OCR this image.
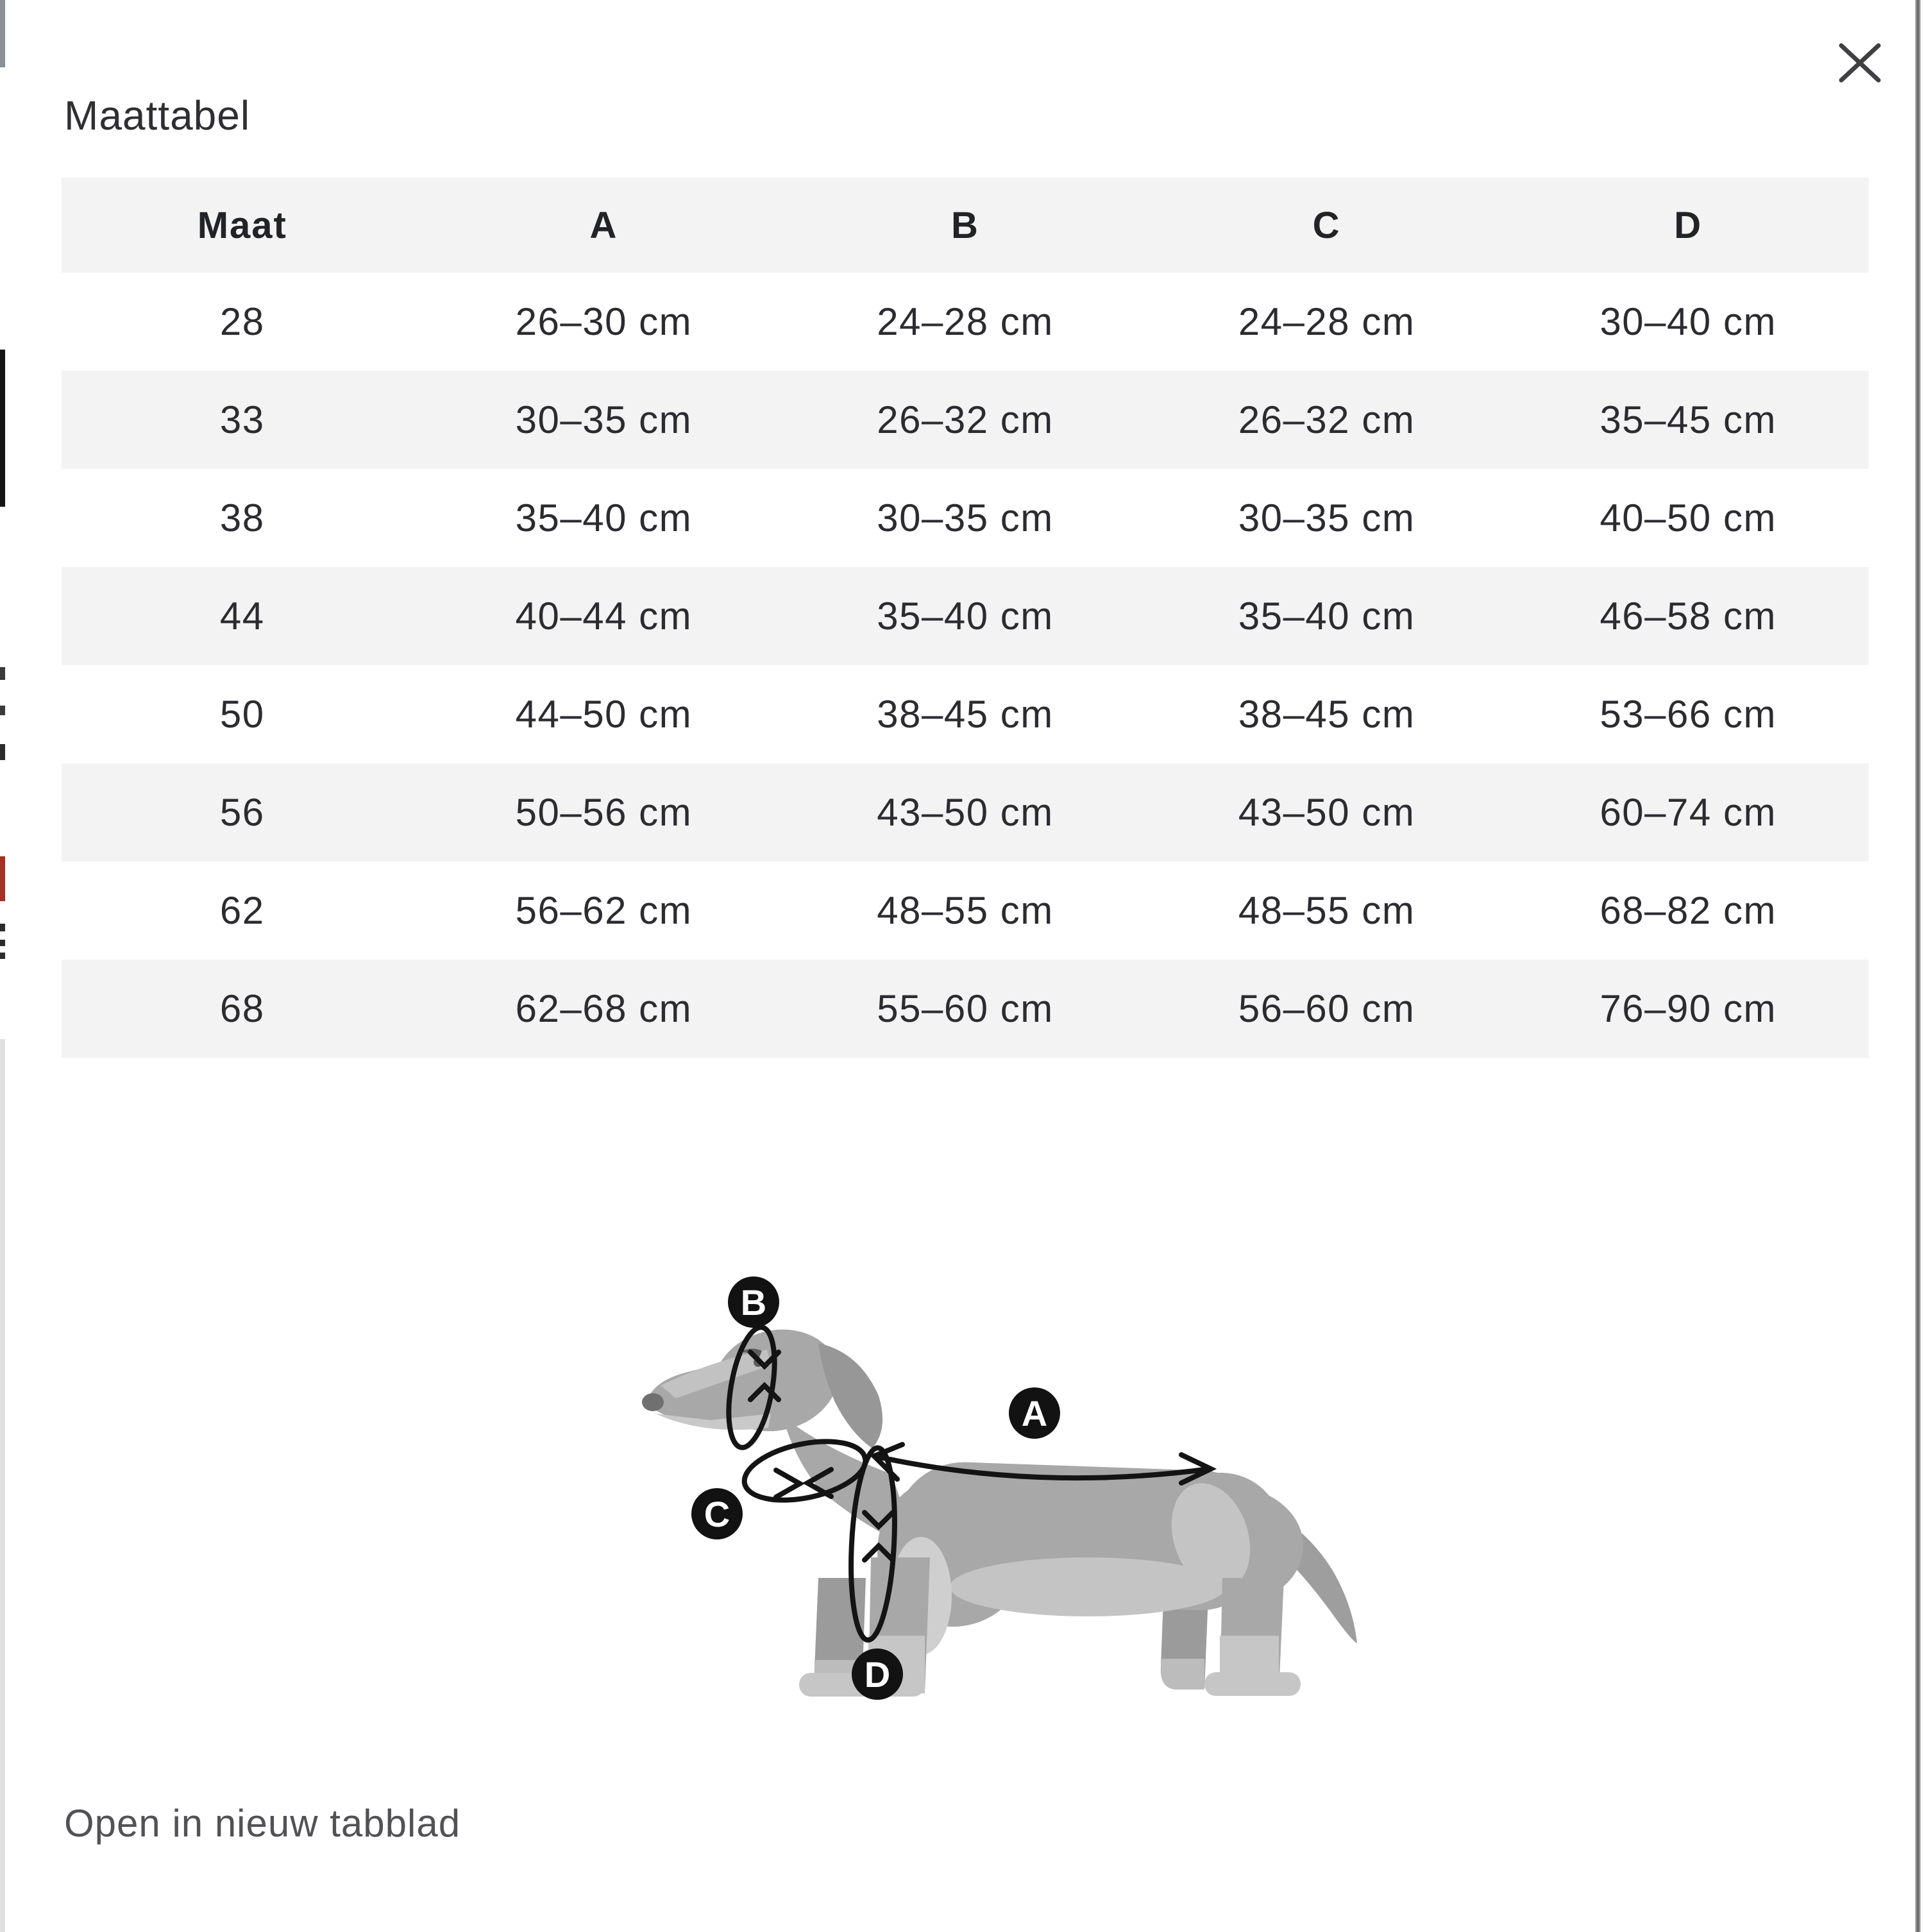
Maattabel
Maat	A	B	C	D
28	26–30 cm	24–28 cm	24–28 cm	30–40 cm
33	30–35 cm	26–32 cm	26–32 cm	35–45 cm
38	35–40 cm	30–35 cm	30–35 cm	40–50 cm
44	40–44 cm	35–40 cm	35–40 cm	46–58 cm
50	44–50 cm	38–45 cm	38–45 cm	53–66 cm
56	50–56 cm	43–50 cm	43–50 cm	60–74 cm
62	56–62 cm	48–55 cm	48–55 cm	68–82 cm
68	62–68 cm	55–60 cm	56–60 cm	76–90 cm
A
B
C
D
Open in nieuw tabblad
